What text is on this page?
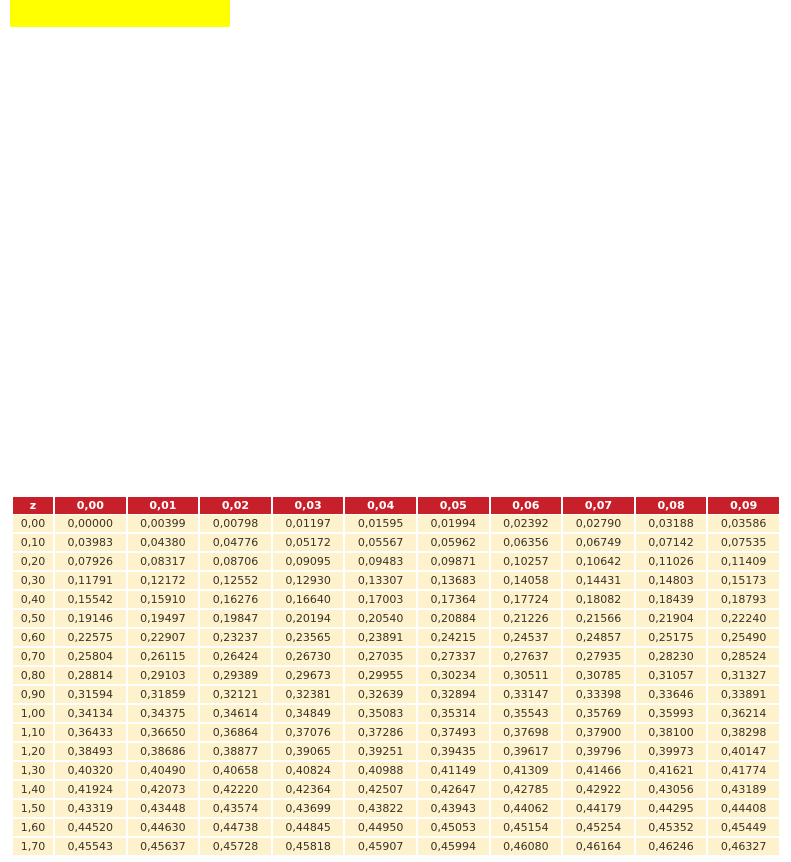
z	0,00	0,01	0,02	0,03	0,04	0,05	0,06	0,07	0,08	0,09
0,00	0,00000	0,00399	0,00798	0,01197	0,01595	0,01994	0,02392	0,02790	0,03188	0,03586
0,10	0,03983	0,04380	0,04776	0,05172	0,05567	0,05962	0,06356	0,06749	0,07142	0,07535
0,20	0,07926	0,08317	0,08706	0,09095	0,09483	0,09871	0,10257	0,10642	0,11026	0,11409
0,30	0,11791	0,12172	0,12552	0,12930	0,13307	0,13683	0,14058	0,14431	0,14803	0,15173
0,40	0,15542	0,15910	0,16276	0,16640	0,17003	0,17364	0,17724	0,18082	0,18439	0,18793
0,50	0,19146	0,19497	0,19847	0,20194	0,20540	0,20884	0,21226	0,21566	0,21904	0,22240
0,60	0,22575	0,22907	0,23237	0,23565	0,23891	0,24215	0,24537	0,24857	0,25175	0,25490
0,70	0,25804	0,26115	0,26424	0,26730	0,27035	0,27337	0,27637	0,27935	0,28230	0,28524
0,80	0,28814	0,29103	0,29389	0,29673	0,29955	0,30234	0,30511	0,30785	0,31057	0,31327
0,90	0,31594	0,31859	0,32121	0,32381	0,32639	0,32894	0,33147	0,33398	0,33646	0,33891
1,00	0,34134	0,34375	0,34614	0,34849	0,35083	0,35314	0,35543	0,35769	0,35993	0,36214
1,10	0,36433	0,36650	0,36864	0,37076	0,37286	0,37493	0,37698	0,37900	0,38100	0,38298
1,20	0,38493	0,38686	0,38877	0,39065	0,39251	0,39435	0,39617	0,39796	0,39973	0,40147
1,30	0,40320	0,40490	0,40658	0,40824	0,40988	0,41149	0,41309	0,41466	0,41621	0,41774
1,40	0,41924	0,42073	0,42220	0,42364	0,42507	0,42647	0,42785	0,42922	0,43056	0,43189
1,50	0,43319	0,43448	0,43574	0,43699	0,43822	0,43943	0,44062	0,44179	0,44295	0,44408
1,60	0,44520	0,44630	0,44738	0,44845	0,44950	0,45053	0,45154	0,45254	0,45352	0,45449
1,70	0,45543	0,45637	0,45728	0,45818	0,45907	0,45994	0,46080	0,46164	0,46246	0,46327
